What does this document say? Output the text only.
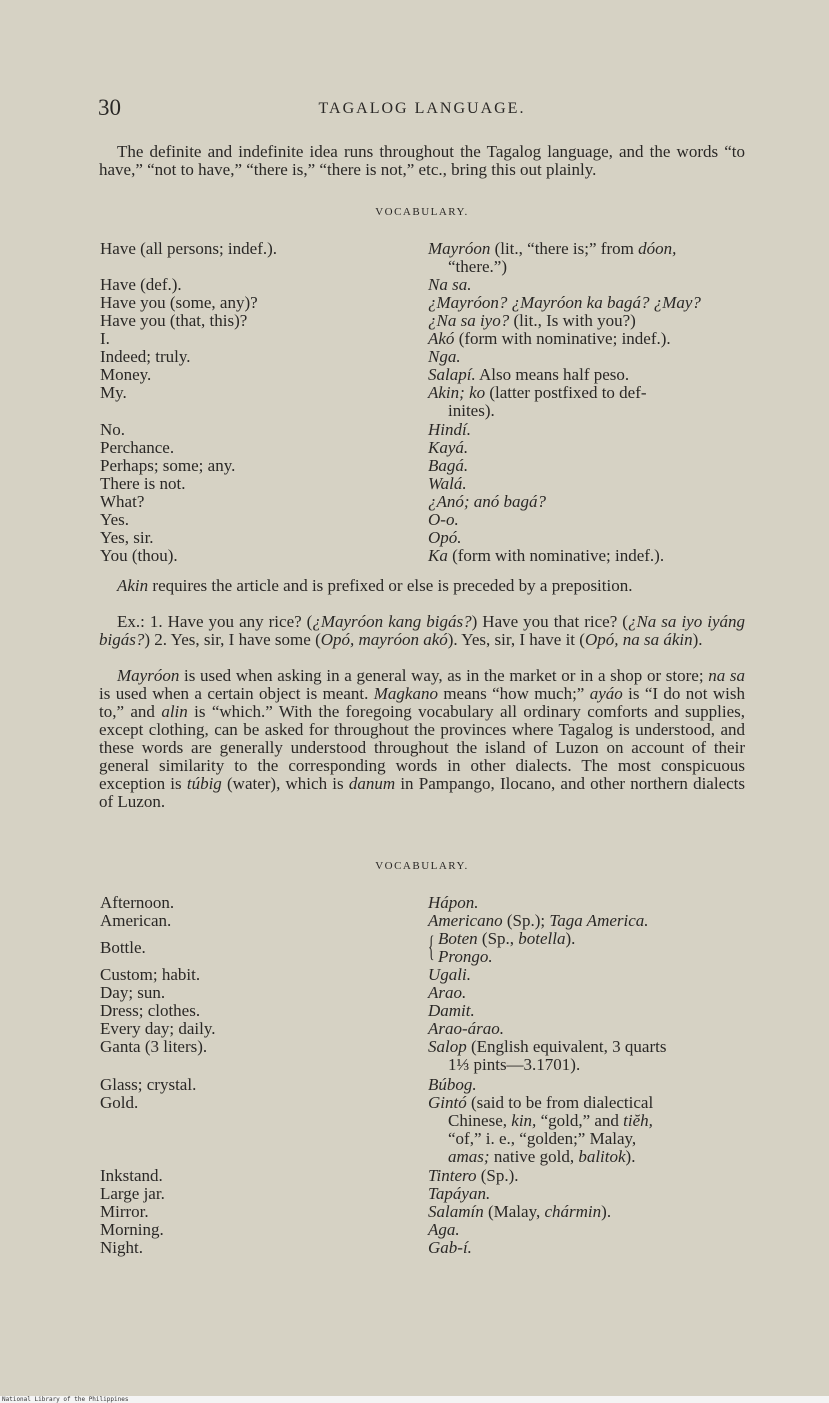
30	TAGALOG LANGUAGE.

The definite and indefinite idea runs throughout the Tagalog language, and the words “to have,” “not to have,” “there is,” “there is not,” etc., bring this out plainly.

VOCABULARY.
Have (all persons; indef.).	Mayróon (lit., “there is;” from dóon,
“there.”)
Have (def.).	Na sa.
Have you (some, any)?	¿Mayróon? ¿Mayróon ka bagá? ¿May?
Have you (that, this)?	¿Na sa iyo? (lit., Is with you?)
I.	Akó (form with nominative; indef.).
Indeed; truly.	Nga.
Money.	Salapí. Also means half peso.
My.	Akin; ko (latter postfixed to def-
inites).
No.	Hindí.
Perchance.	Kayá.
Perhaps; some; any.	Bagá.
There is not.	Walá.
What?	¿Anó; anó bagá?
Yes.	O-o.
Yes, sir.	Opó.
You (thou).	Ka (form with nominative; indef.).

Akin requires the article and is prefixed or else is preceded by a preposition.

Ex.: 1. Have you any rice? (¿Mayróon kang bigás?) Have you that rice? (¿Na sa iyo iyáng bigás?) 2. Yes, sir, I have some (Opó, mayróon akó). Yes, sir, I have it (Opó, na sa ákin).

Mayróon is used when asking in a general way, as in the market or in a shop or store; na sa is used when a certain object is meant. Magkano means “how much;” ayáo is “I do not wish to,” and alin is “which.” With the foregoing vocabulary all ordinary comforts and supplies, except clothing, can be asked for throughout the provinces where Tagalog is understood, and these words are generally understood throughout the island of Luzon on account of their general similarity to the corresponding words in other dialects. The most conspicuous exception is túbig (water), which is danum in Pampango, Ilocano, and other northern dialects of Luzon.

VOCABULARY.
Afternoon.	Hápon.
American.	Americano (Sp.); Taga America.
Bottle.	{ Boten (Sp., botella).
Prongo.
Custom; habit.	Ugali.
Day; sun.	Arao.
Dress; clothes.	Damit.
Every day; daily.	Arao-árao.
Ganta (3 liters).	Salop (English equivalent, 3 quarts
1⅓ pints—3.1701).
Glass; crystal.	Búbog.
Gold.	Gintó (said to be from dialectical
Chinese, kin, “gold,” and tiĕh,
“of,” i. e., “golden;” Malay,
amas; native gold, balitok).
Inkstand.	Tintero (Sp.).
Large jar.	Tapáyan.
Mirror.	Salamín (Malay, chármin).
Morning.	Aga.
Night.	Gab-í.
National Library of the Philippines
